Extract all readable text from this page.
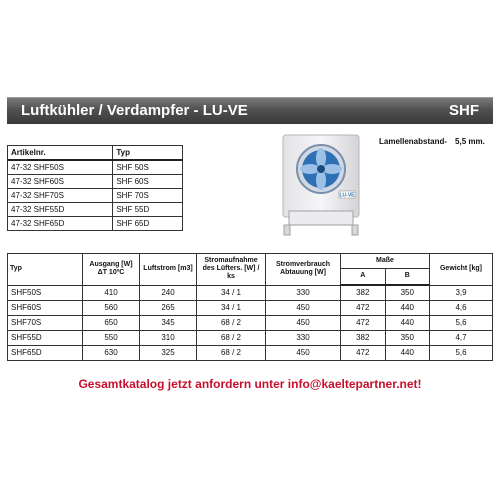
Luftkühler / Verdampfer - LU-VE	SHF
Artikelnr.	Typ
47-32 SHF50S	SHF 50S
47-32 SHF60S	SHF 60S
47-32 SHF70S	SHF 70S
47-32 SHF55D	SHF 55D
47-32 SHF65D	SHF 65D
LU-VE
Lamellenabstand- 5,5 mm.
Typ	Ausgang [W] ΔT 10ºC	Luftstrom [m3]	Stromaufnahme des Lüfters. [W] / ks	Stromverbrauch Abtauung [W]	Maße		Gewicht [kg]
					A	B	
SHF50S	410	240	34 / 1	330	382	350	3,9
SHF60S	560	265	34 / 1	450	472	440	4,6
SHF70S	650	345	68 / 2	450	472	440	5,6
SHF55D	550	310	68 / 2	330	382	350	4,7
SHF65D	630	325	68 / 2	450	472	440	5,6
Gesamtkatalog jetzt anfordern unter info@kaeltepartner.net!
